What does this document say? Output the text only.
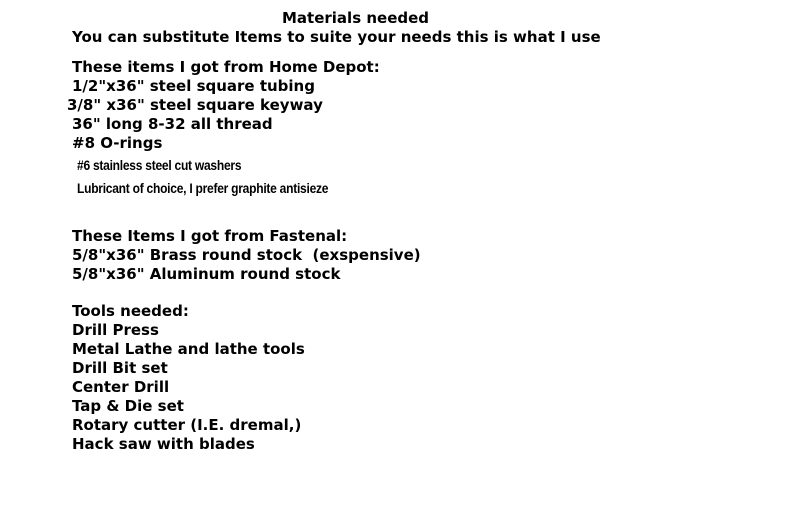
Materials needed
You can substitute Items to suite your needs this is what I use
These items I got from Home Depot:
1/2"x36" steel square tubing
3/8" x36" steel square keyway
36" long 8-32 all thread
#8 O-rings
#6 stainless steel cut washers
Lubricant of choice, I prefer graphite antisieze
These Items I got from Fastenal:
5/8"x36" Brass round stock  (exspensive)
5/8"x36" Aluminum round stock
Tools needed:
Drill Press
Metal Lathe and lathe tools
Drill Bit set
Center Drill
Tap & Die set
Rotary cutter (I.E. dremal,)
Hack saw with blades
